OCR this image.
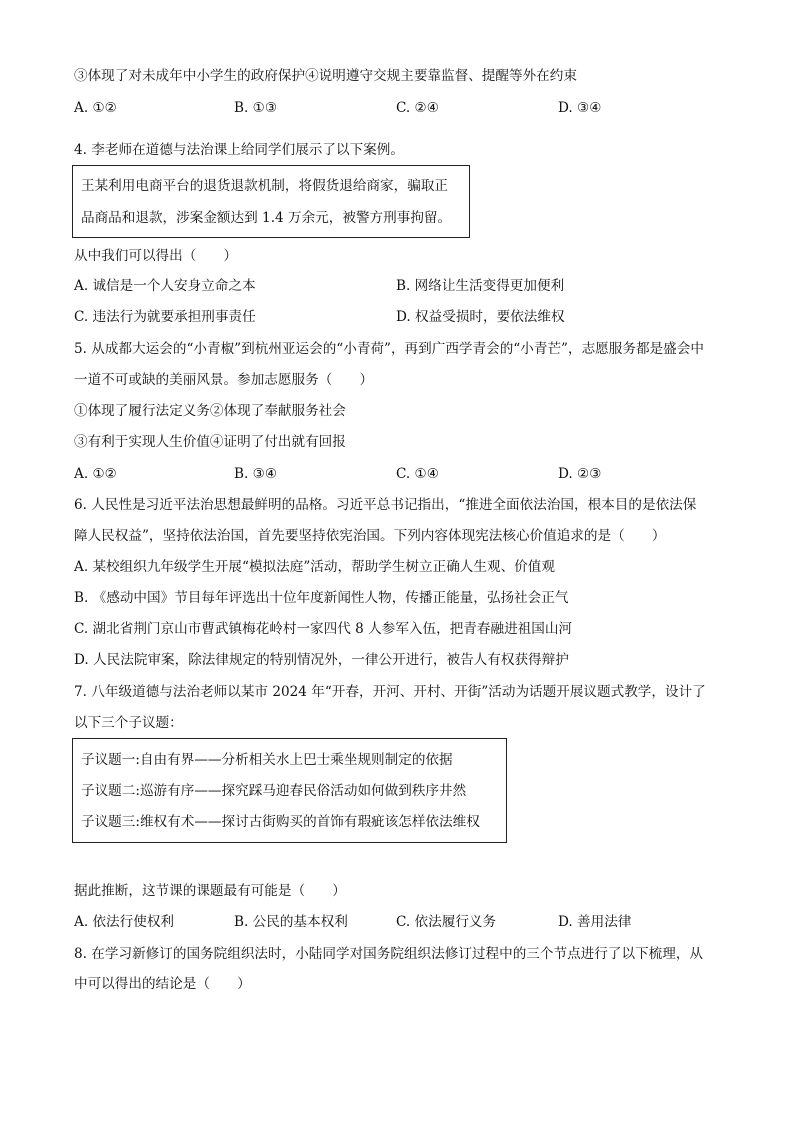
③体现了对未成年中小学生的政府保护④说明遵守交规主要靠监督、提醒等外在约束
A. ①②	B. ①③	C. ②④	D. ③④
4. 李老师在道德与法治课上给同学们展示了以下案例。
王某利用电商平台的退货退款机制，将假货退给商家，骗取正
品商品和退款，涉案金额达到 1.4 万余元，被警方刑事拘留。
从中我们可以得出（　　）
A. 诚信是一个人安身立命之本	B. 网络让生活变得更加便利
C. 违法行为就要承担刑事责任	D. 权益受损时，要依法维权
5. 从成都大运会的“小青椒”到杭州亚运会的“小青荷”，再到广西学青会的“小青芒”，志愿服务都是盛会中
一道不可或缺的美丽风景。参加志愿服务（　　）
①体现了履行法定义务②体现了奉献服务社会
③有利于实现人生价值④证明了付出就有回报
A. ①②	B. ③④	C. ①④	D. ②③
6. 人民性是习近平法治思想最鲜明的品格。习近平总书记指出，“推进全面依法治国，根本目的是依法保
障人民权益”，坚持依法治国，首先要坚持依宪治国。下列内容体现宪法核心价值追求的是（　　）
A. 某校组织九年级学生开展“模拟法庭”活动，帮助学生树立正确人生观、价值观
B. 《感动中国》节目每年评选出十位年度新闻性人物，传播正能量，弘扬社会正气
C. 湖北省荆门京山市曹武镇梅花岭村一家四代 8 人参军入伍，把青春融进祖国山河
D. 人民法院审案，除法律规定的特别情况外，一律公开进行，被告人有权获得辩护
7. 八年级道德与法治老师以某市 2024 年“开春，开河、开村、开街”活动为话题开展议题式教学，设计了
以下三个子议题：
子议题一:自由有界——分析相关水上巴士乘坐规则制定的依据
子议题二:巡游有序——探究踩马迎春民俗活动如何做到秩序井然
子议题三:维权有术——探讨古街购买的首饰有瑕疵该怎样依法维权
据此推断，这节课的课题最有可能是（　　）
A. 依法行使权利	B. 公民的基本权利	C. 依法履行义务	D. 善用法律
8. 在学习新修订的国务院组织法时，小陆同学对国务院组织法修订过程中的三个节点进行了以下梳理，从
中可以得出的结论是（　　）
